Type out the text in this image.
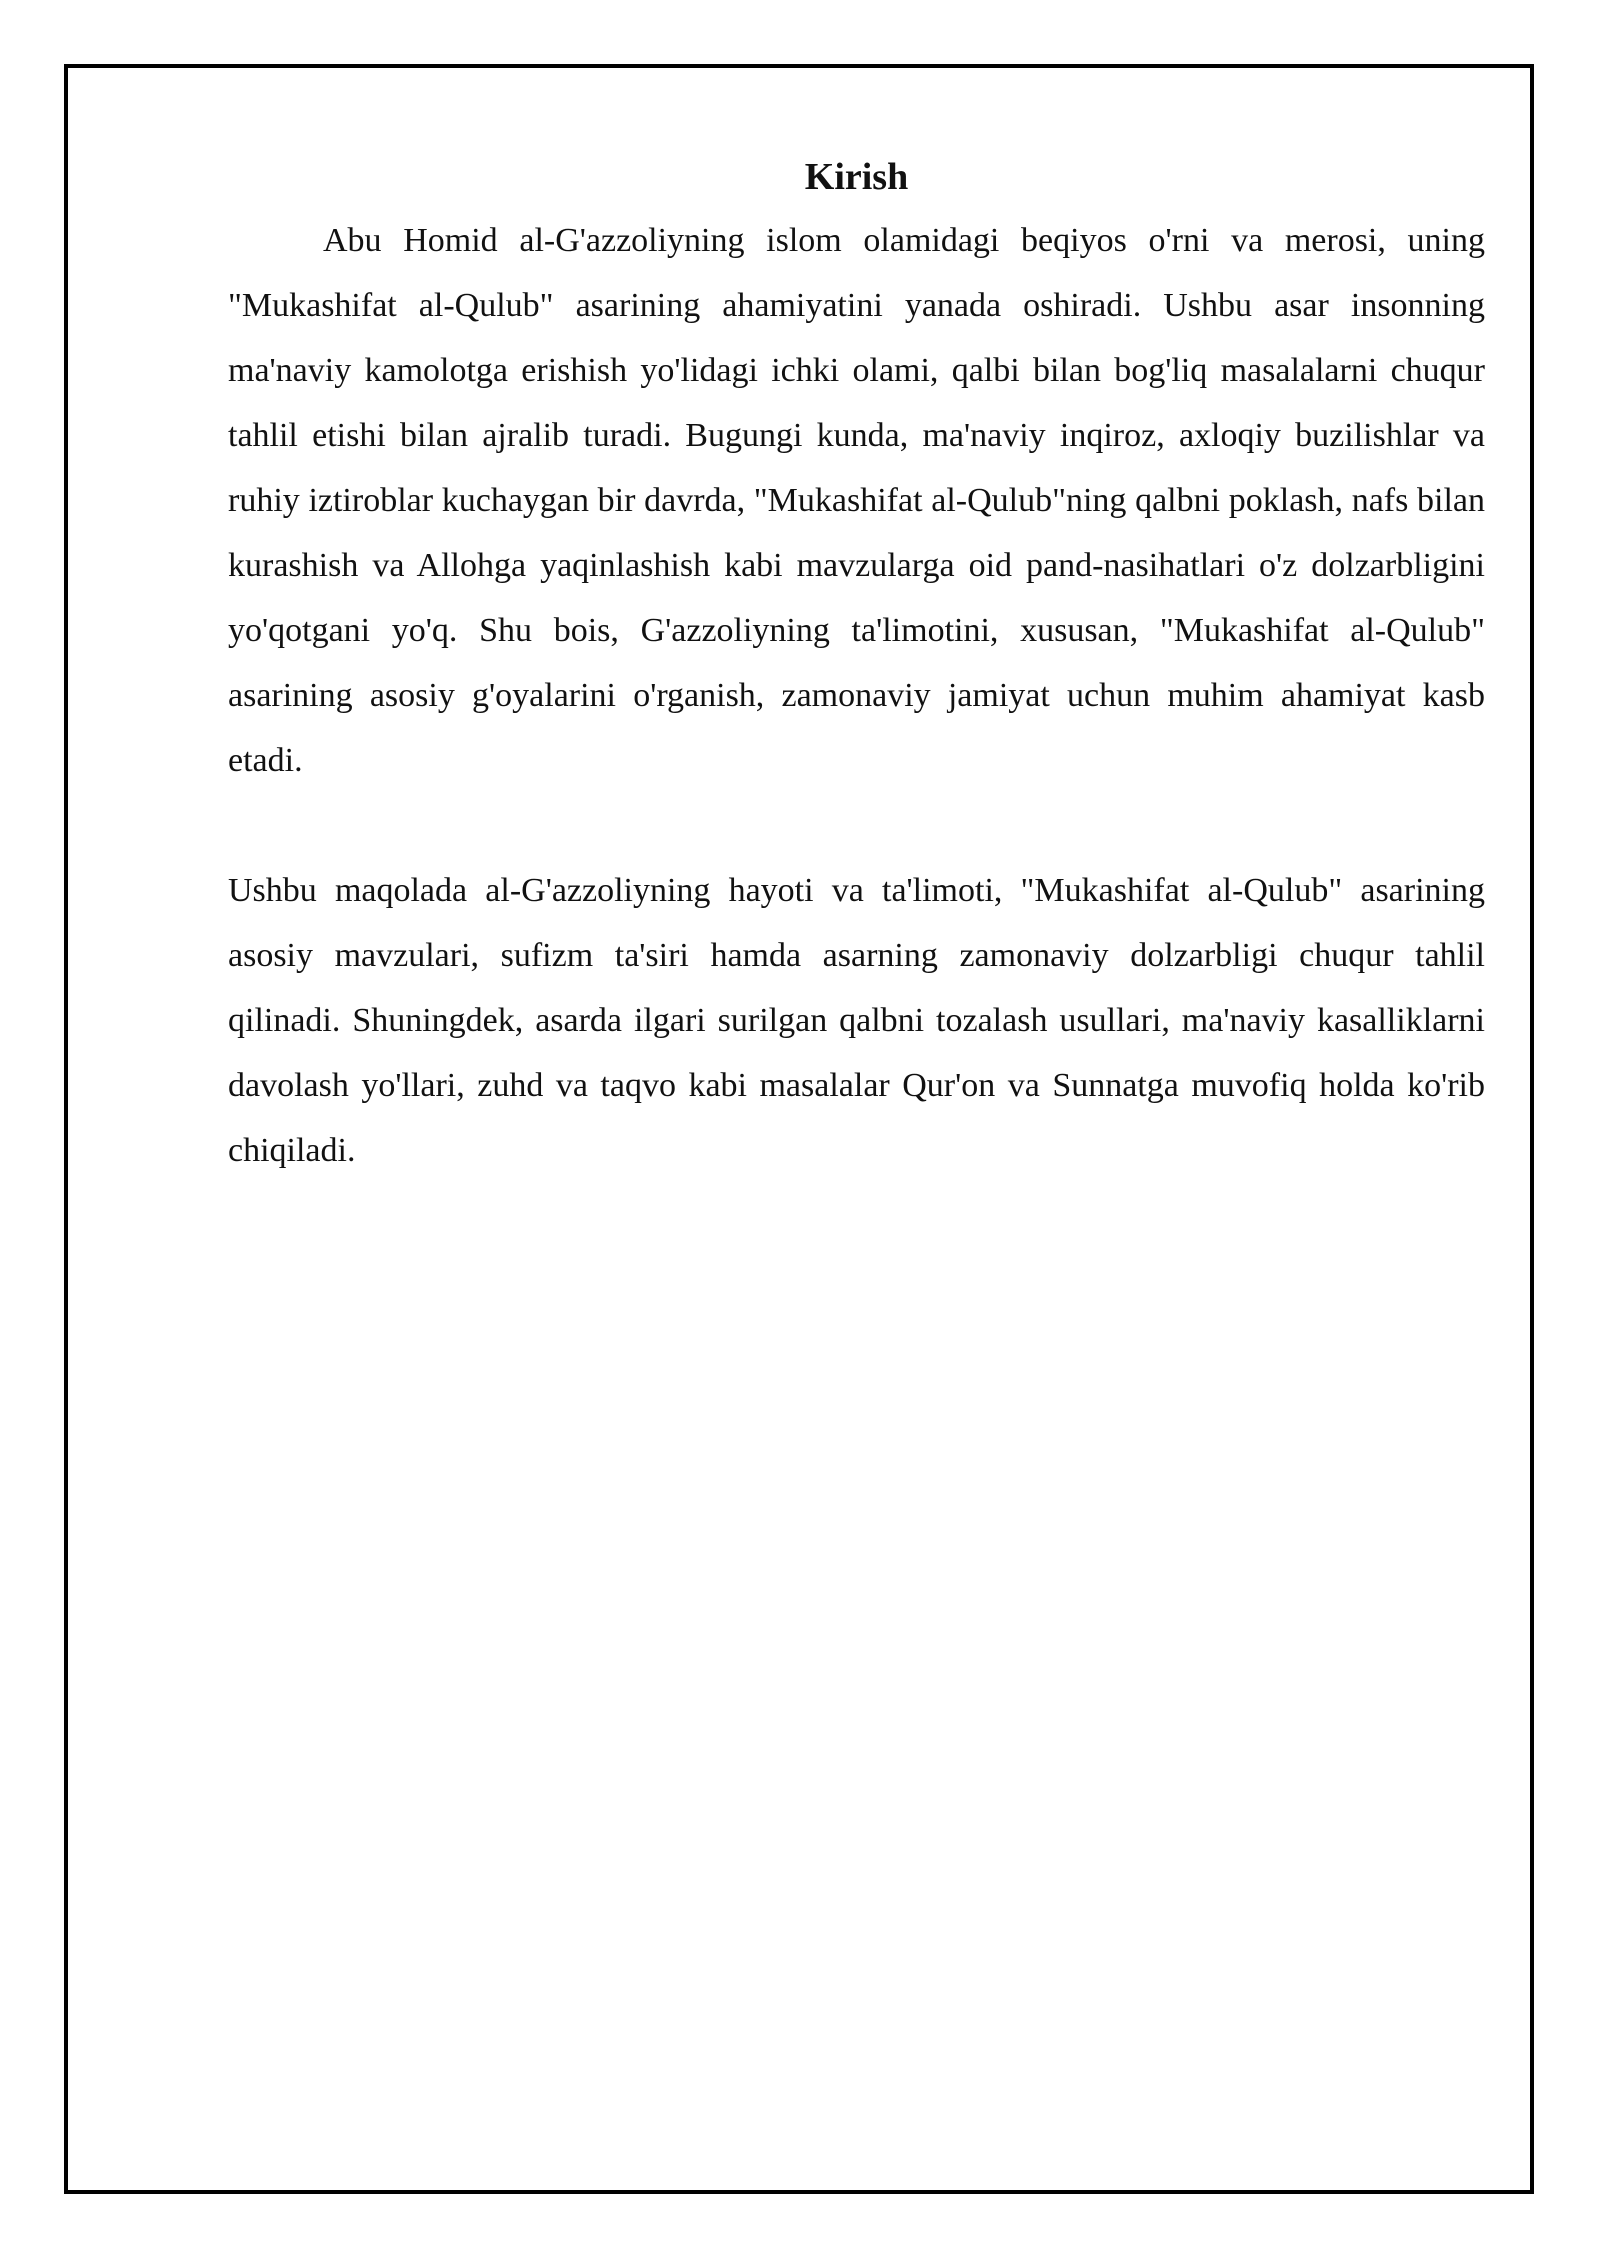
Kirish

Abu Homid al-G'azzoliyning islom olamidagi beqiyos o'rni va merosi, uning "Mukashifat al-Qulub" asarining ahamiyatini yanada oshiradi. Ushbu asar insonning ma'naviy kamolotga erishish yo'lidagi ichki olami, qalbi bilan bog'liq masalalarni chuqur tahlil etishi bilan ajralib turadi. Bugungi kunda, ma'naviy inqiroz, axloqiy buzilishlar va ruhiy iztiroblar kuchaygan bir davrda, "Mukashifat al-Qulub"ning qalbni poklash, nafs bilan kurashish va Allohga yaqinlashish kabi mavzularga oid pand-nasihatlari o'z dolzarbligini yo'qotgani yo'q. Shu bois, G'azzoliyning ta'limotini, xususan, "Mukashifat al-Qulub" asarining asosiy g'oyalarini o'rganish, zamonaviy jamiyat uchun muhim ahamiyat kasb etadi.

Ushbu maqolada al-G'azzoliyning hayoti va ta'limoti, "Mukashifat al-Qulub" asarining asosiy mavzulari, sufizm ta'siri hamda asarning zamonaviy dolzarbligi chuqur tahlil qilinadi. Shuningdek, asarda ilgari surilgan qalbni tozalash usullari, ma'naviy kasalliklarni davolash yo'llari, zuhd va taqvo kabi masalalar Qur'on va Sunnatga muvofiq holda ko'rib chiqiladi.
